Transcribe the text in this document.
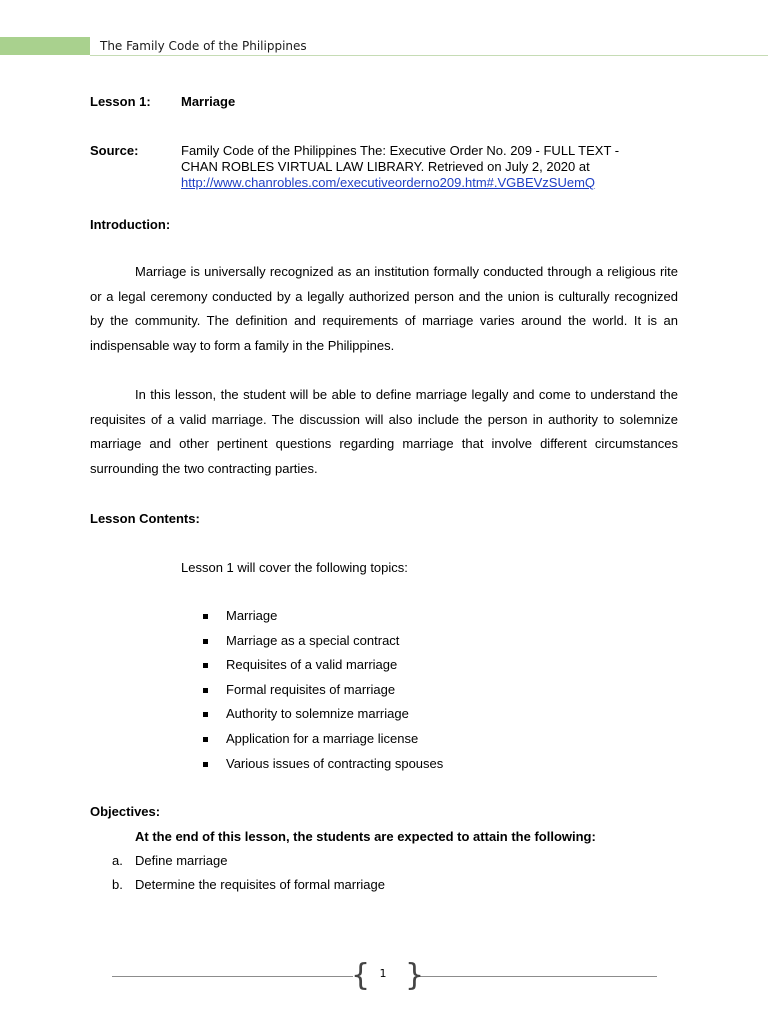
The Family Code of the Philippines
Lesson 1: Marriage
Source:	Family Code of the Philippines The: Executive Order No. 209 - FULL TEXT -
CHAN ROBLES VIRTUAL LAW LIBRARY. Retrieved on July 2, 2020 at
http://www.chanrobles.com/executiveorderno209.htm#.VGBEVzSUemQ
Introduction:

Marriage is universally recognized as an institution formally conducted through a religious rite or a legal ceremony conducted by a legally authorized person and the union is culturally recognized by the community. The definition and requirements of marriage varies around the world. It is an indispensable way to form a family in the Philippines.

In this lesson, the student will be able to define marriage legally and come to understand the requisites of a valid marriage. The discussion will also include the person in authority to solemnize marriage and other pertinent questions regarding marriage that involve different circumstances surrounding the two contracting parties.

Lesson Contents:
Lesson 1 will cover the following topics:
Marriage
Marriage as a special contract
Requisites of a valid marriage
Formal requisites of marriage
Authority to solemnize marriage
Application for a marriage license
Various issues of contracting spouses
Objectives:
At the end of this lesson, the students are expected to attain the following:
a. Define marriage
b. Determine the requisites of formal marriage
{ }
1
